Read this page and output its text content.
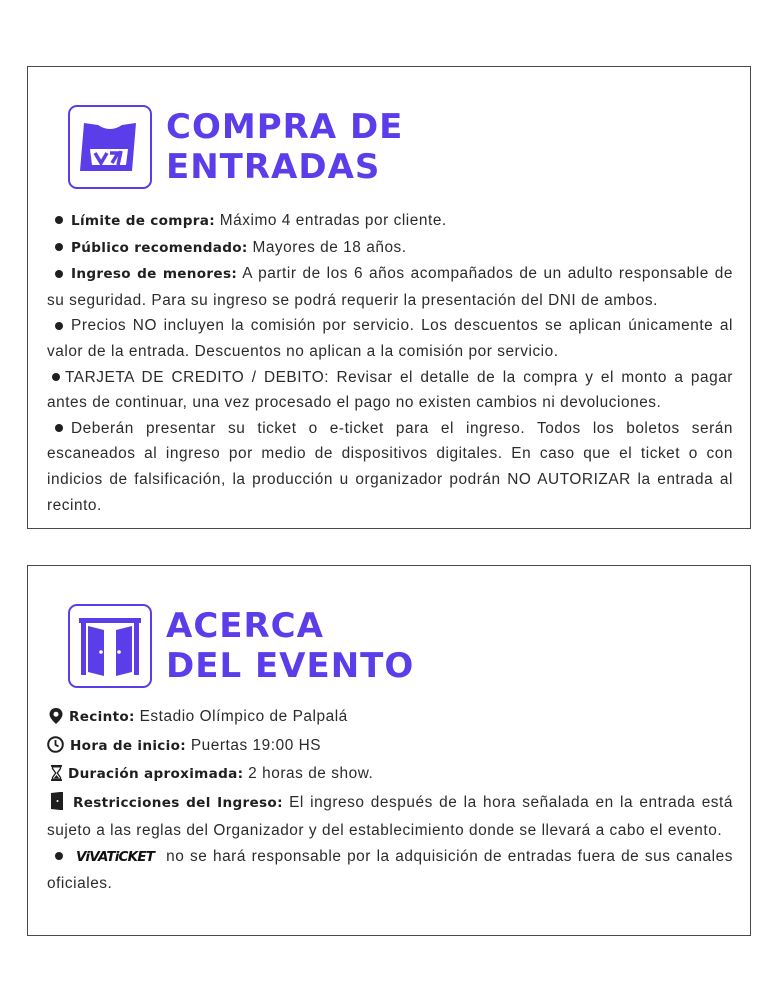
COMPRA DE
ENTRADAS

Límite de compra: Máximo 4 entradas por cliente.

Público recomendado: Mayores de 18 años.

Ingreso de menores: A partir de los 6 años acompañados de un adulto responsable de su seguridad. Para su ingreso se podrá requerir la presentación del DNI de ambos.

Precios NO incluyen la comisión por servicio. Los descuentos se aplican únicamente al valor de la entrada. Descuentos no aplican a la comisión por servicio.

TARJETA DE CREDITO / DEBITO: Revisar el detalle de la compra y el monto a pagar antes de continuar, una vez procesado el pago no existen cambios ni devoluciones.

Deberán presentar su ticket o e-ticket para el ingreso. Todos los boletos serán escaneados al ingreso por medio de dispositivos digitales. En caso que el ticket o con indicios de falsificación, la producción u organizador podrán NO AUTORIZAR la entrada al recinto.

ACERCA
DEL EVENTO

Recinto: Estadio Olímpico de Palpalá

Hora de inicio: Puertas 19:00 HS

Duración aproximada: 2 horas de show.

Restricciones del Ingreso: El ingreso después de la hora señalada en la entrada está sujeto a las reglas del Organizador y del establecimiento donde se llevará a cabo el evento.

ViVATiCKET no se hará responsable por la adquisición de entradas fuera de sus canales oficiales.
